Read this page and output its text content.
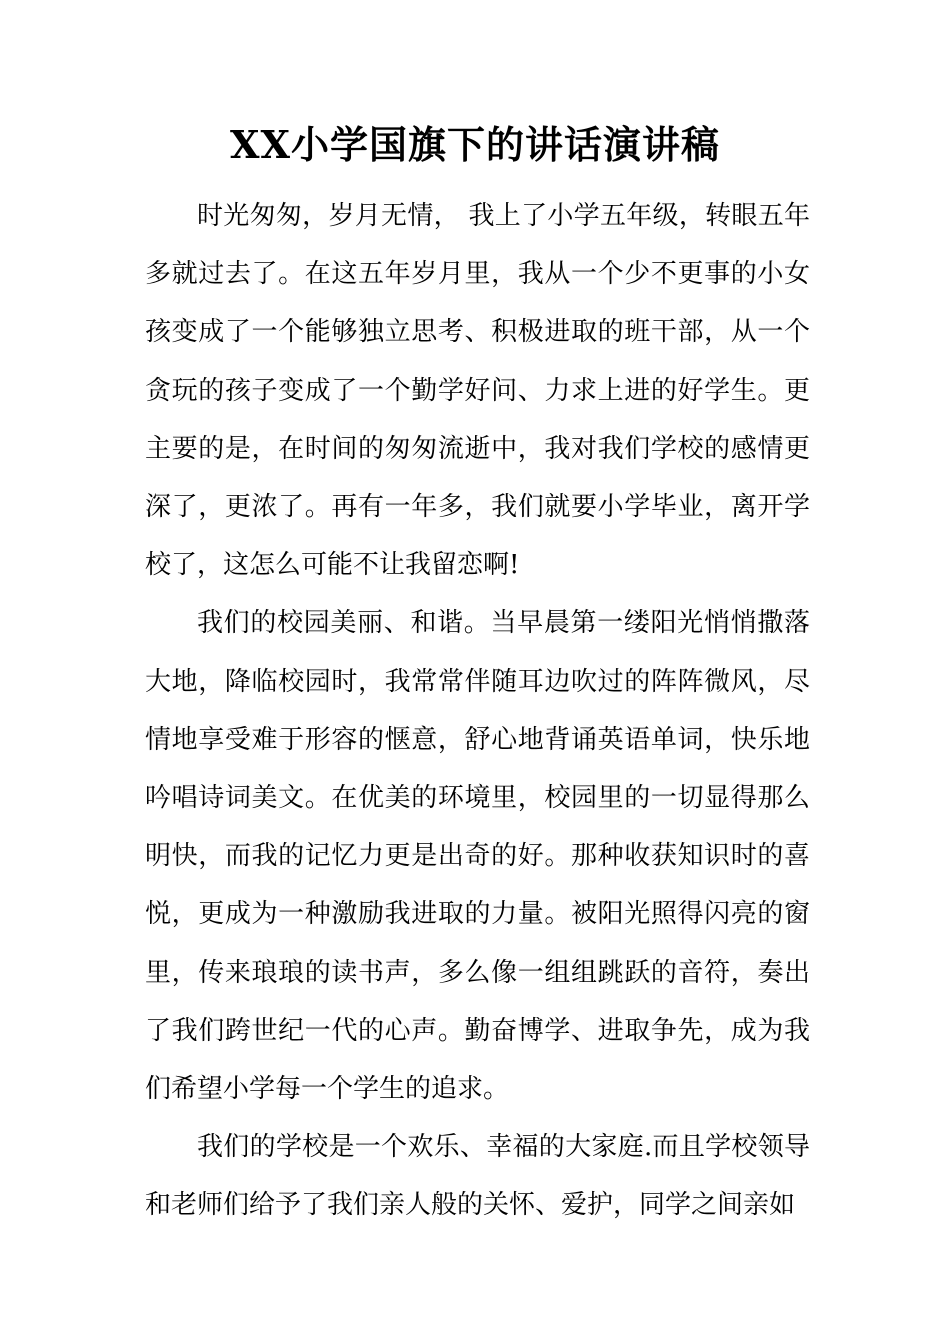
XX小学国旗下的讲话演讲稿

时光匆匆，岁月无情， 我上了小学五年级，转眼五年多就过去了。在这五年岁月里，我从一个少不更事的小女孩变成了一个能够独立思考、积极进取的班干部，从一个贪玩的孩子变成了一个勤学好问、力求上进的好学生。更主要的是，在时间的匆匆流逝中，我对我们学校的感情更深了，更浓了。再有一年多，我们就要小学毕业，离开学校了，这怎么可能不让我留恋啊!

我们的校园美丽、和谐。当早晨第一缕阳光悄悄撒落大地，降临校园时，我常常伴随耳边吹过的阵阵微风，尽情地享受难于形容的惬意，舒心地背诵英语单词，快乐地吟唱诗词美文。在优美的环境里，校园里的一切显得那么明快，而我的记忆力更是出奇的好。那种收获知识时的喜悦，更成为一种激励我进取的力量。被阳光照得闪亮的窗里，传来琅琅的读书声，多么像一组组跳跃的音符，奏出了我们跨世纪一代的心声。勤奋博学、进取争先，成为我们希望小学每一个学生的追求。

我们的学校是一个欢乐、幸福的大家庭.而且学校领导和老师们给予了我们亲人般的关怀、爱护，同学之间亲如
